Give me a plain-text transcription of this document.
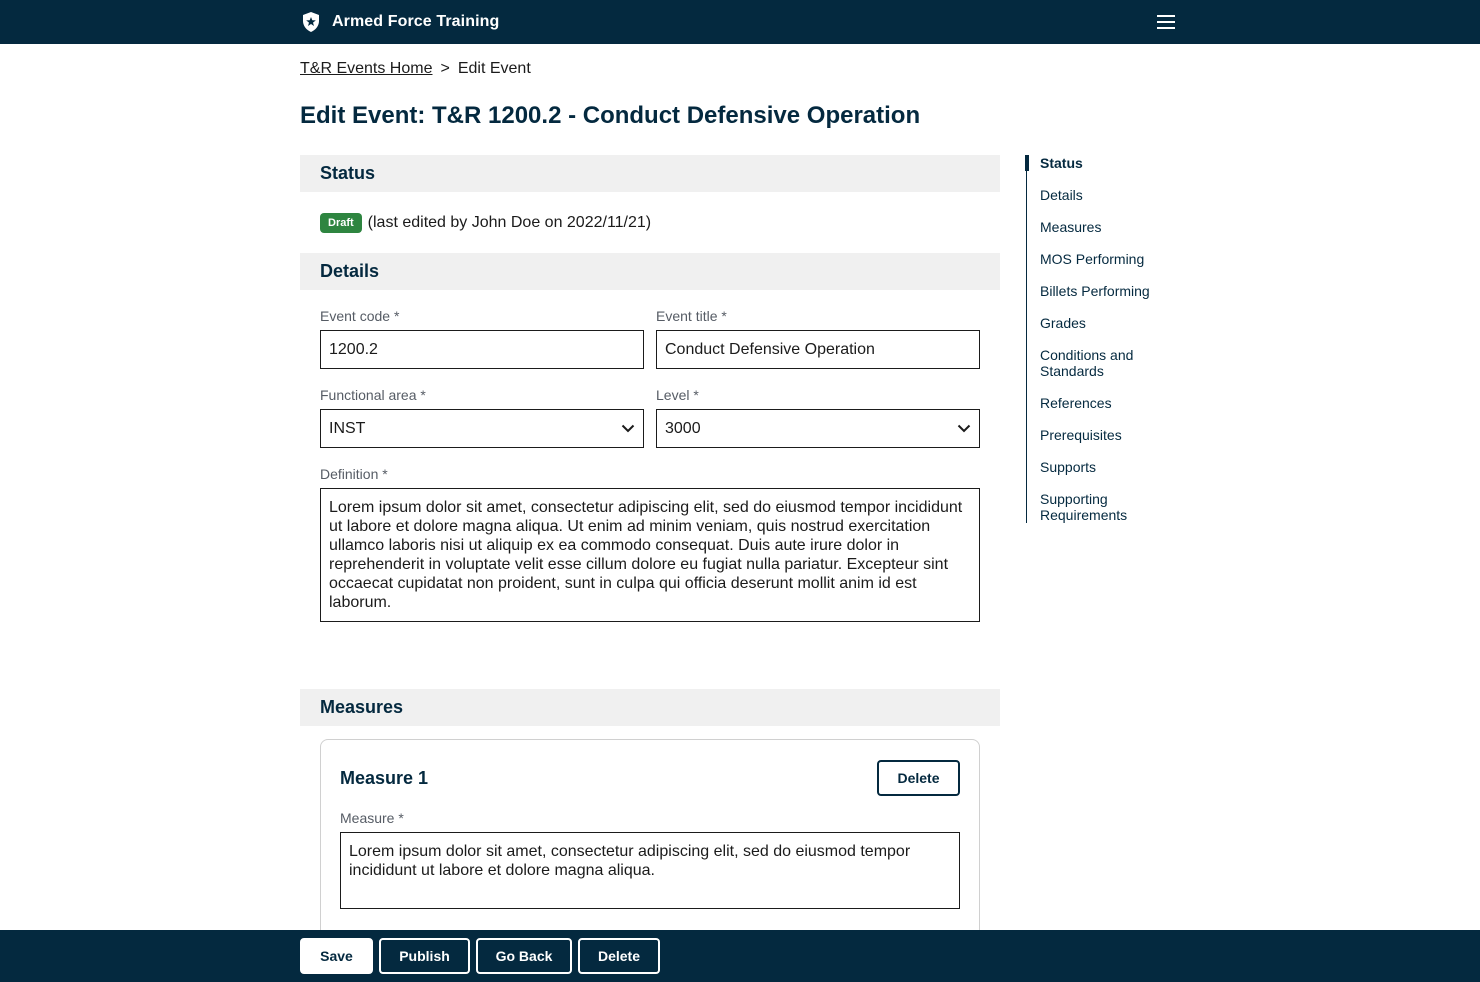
Armed Force Training
T&R Events Home > Edit Event
Edit Event: T&R 1200.2 - Conduct Defensive Operation
Status
Draft (last edited by John Doe on 2022/11/21)
Details
Event code *
1200.2
Event title *
Conduct Defensive Operation
Functional area *
INST
Level *
3000
Definition *
Lorem ipsum dolor sit amet, consectetur adipiscing elit, sed do eiusmod tempor incididunt ut labore et dolore magna aliqua. Ut enim ad minim veniam, quis nostrud exercitation ullamco laboris nisi ut aliquip ex ea commodo consequat. Duis aute irure dolor in reprehenderit in voluptate velit esse cillum dolore eu fugiat nulla pariatur. Excepteur sint occaecat cupidatat non proident, sunt in culpa qui officia deserunt mollit anim id est laborum.
Measures
Measure 1	Delete
Measure *
Lorem ipsum dolor sit amet, consectetur adipiscing elit, sed do eiusmod tempor incididunt ut labore et dolore magna aliqua.
Status
Details
Measures
MOS Performing
Billets Performing
Grades
Conditions and Standards
References
Prerequisites
Supports
Supporting Requirements
Save	Publish	Go Back	Delete
